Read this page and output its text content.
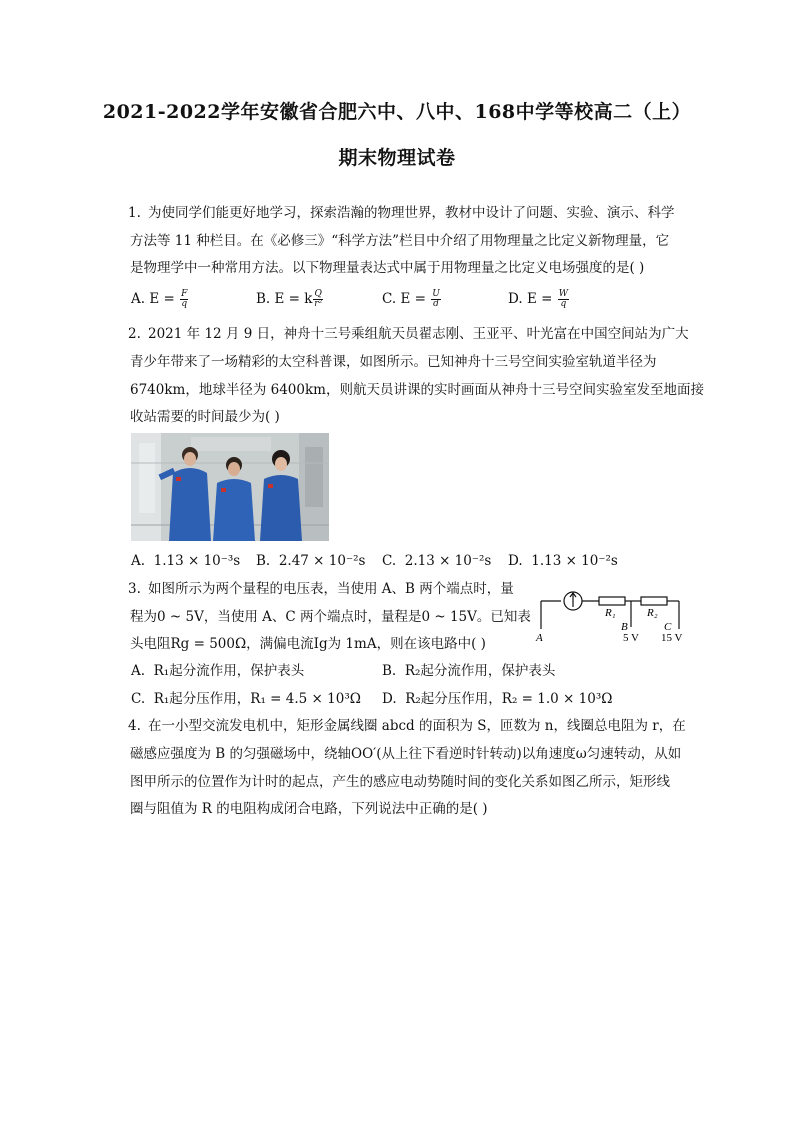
2021-2022学年安徽省合肥六中、八中、168中学等校高二（上）
期末物理试卷
1. 为使同学们能更好地学习，探索浩瀚的物理世界，教材中设计了问题、实验、演示、科学
方法等 11 种栏目。在《必修三》“科学方法”栏目中介绍了用物理量之比定义新物理量，它
是物理学中一种常用方法。以下物理量表达式中属于用物理量之比定义电场强度的是( )
A. $E = \frac{F}{q}$	B. E = k $\frac{Q}{\text{r²}}$	C. $E = \frac{U}{d}$	D. $E = \frac{W}{q}$
2. 2021 年 12 月 9 日，神舟十三号乘组航天员翟志刚、王亚平、叶光富在中国空间站为广大
青少年带来了一场精彩的太空科普课，如图所示。已知神舟十三号空间实验室轨道半径为
6740km，地球半径为 6400km，则航天员讲课的实时画面从神舟十三号空间实验室发至地面接
收站需要的时间最少为( )
A. 1.13 × 10⁻³s B. 2.47 × 10⁻²s C. 2.13 × 10⁻²s D. 1.13 × 10⁻²s
3. 如图所示为两个量程的电压表，当使用 A、B 两个端点时，量
程为0 ~ 5V，当使用 A、C 两个端点时，量程是0 ~ 15V。已知表
头电阻Rg = 500Ω，满偏电流Ig为 1mA，则在该电路中( )
R₁	R₂
A
B	C
5 V 15 V
A. R₁起分流作用，保护表头	B. R₂起分流作用，保护表头
C. R₁起分压作用，R₁ = 4.5 × 10³Ω D. R₂起分压作用，R₂ = 1.0 × 10³Ω
4. 在一小型交流发电机中，矩形金属线圈 abcd 的面积为 S，匝数为 n，线圈总电阻为 r，在
磁感应强度为 B 的匀强磁场中，绕轴OO′(从上往下看逆时针转动)以角速度ω匀速转动，从如
图甲所示的位置作为计时的起点，产生的感应电动势随时间的变化关系如图乙所示，矩形线
圈与阻值为 R 的电阻构成闭合电路，下列说法中正确的是( )
